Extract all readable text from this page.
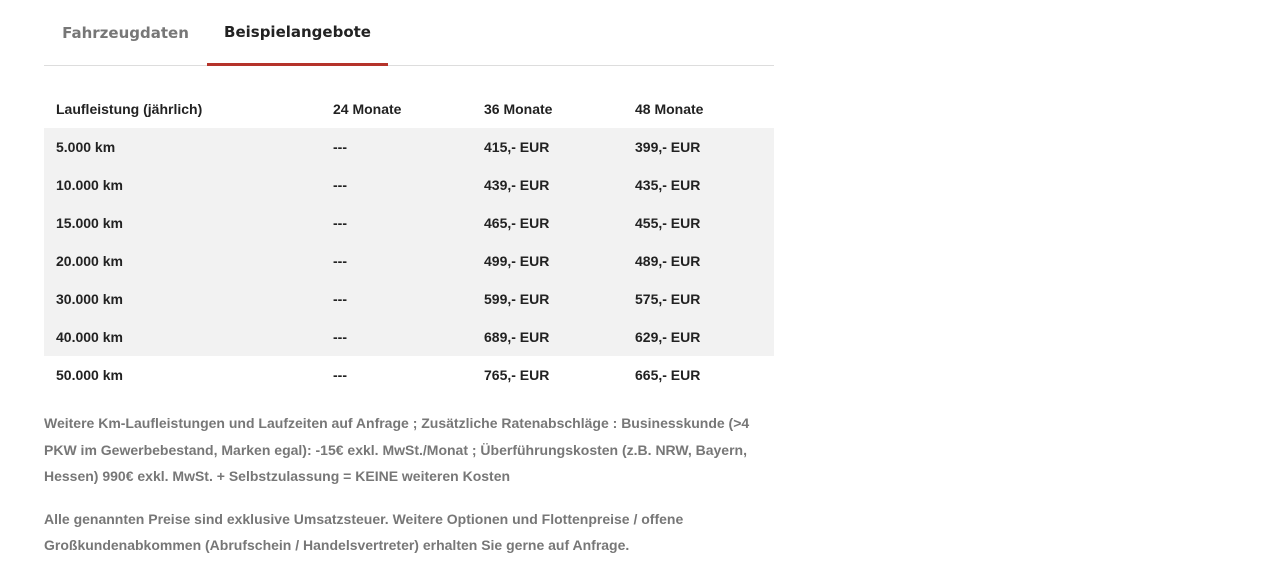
Fahrzeugdaten	Beispielangebote
Laufleistung (jährlich)	24 Monate	36 Monate	48 Monate
5.000 km	---	415,- EUR	399,- EUR
10.000 km	---	439,- EUR	435,- EUR
15.000 km	---	465,- EUR	455,- EUR
20.000 km	---	499,- EUR	489,- EUR
30.000 km	---	599,- EUR	575,- EUR
40.000 km	---	689,- EUR	629,- EUR
50.000 km	---	765,- EUR	665,- EUR

Weitere Km-Laufleistungen und Laufzeiten auf Anfrage ; Zusätzliche Ratenabschläge : Businesskunde (>4 PKW im Gewerbebestand, Marken egal): -15€ exkl. MwSt./Monat ; Überführungskosten (z.B. NRW, Bayern, Hessen) 990€ exkl. MwSt. + Selbstzulassung = KEINE weiteren Kosten

Alle genannten Preise sind exklusive Umsatzsteuer. Weitere Optionen und Flottenpreise / offene Großkundenabkommen (Abrufschein / Handelsvertreter) erhalten Sie gerne auf Anfrage.
